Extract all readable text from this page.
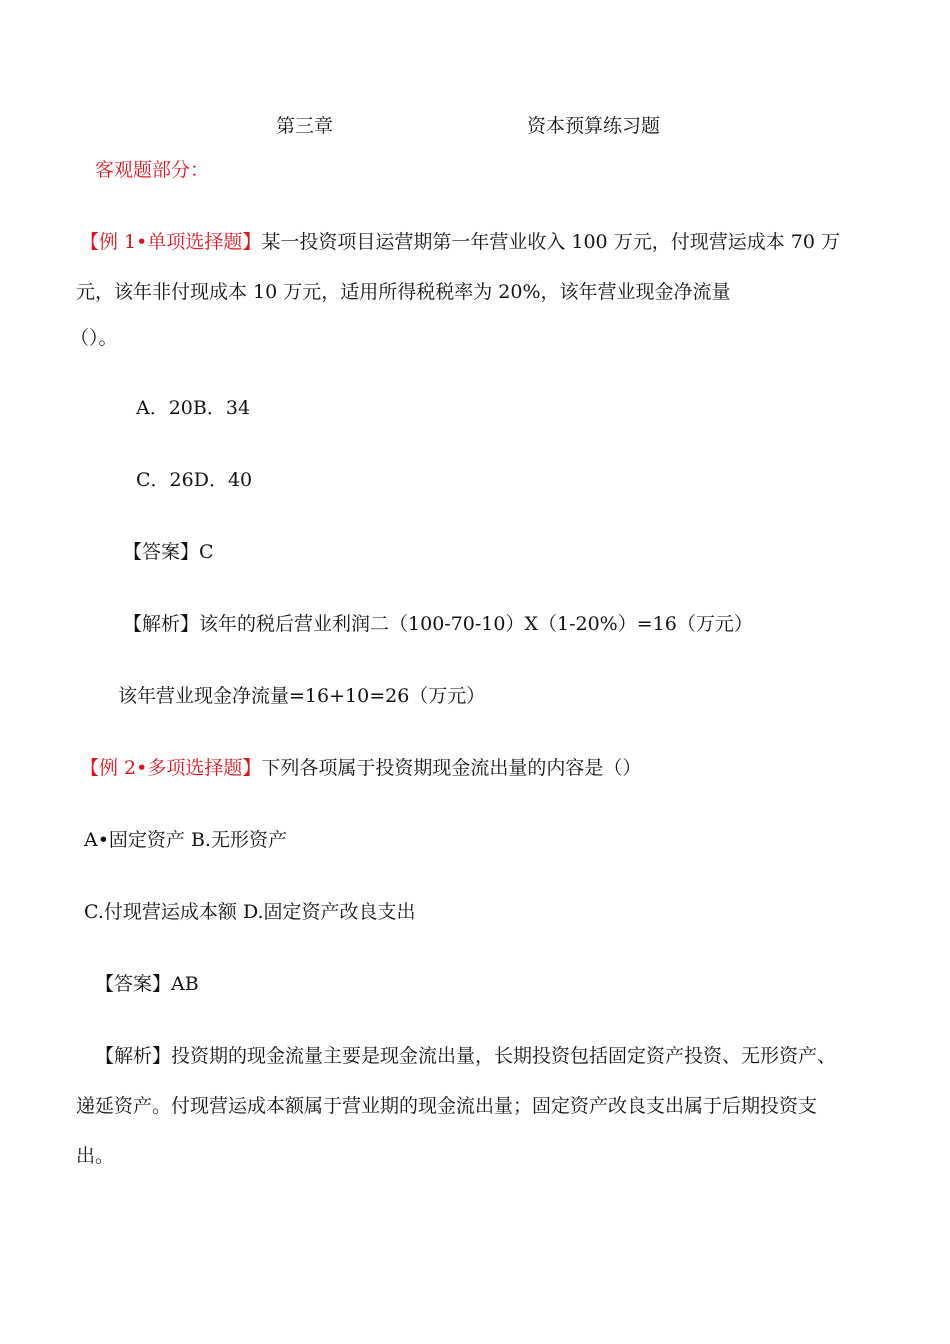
第三章	资本预算练习题
客观题部分：
【例 1•单项选择题】某一投资项目运营期第一年营业收入 100 万元，付现营运成本 70 万
元，该年非付现成本 10 万元，适用所得税税率为 20%，该年营业现金净流量
（）。
A．20B．34
C．26D．40
【答案】C
【解析】该年的税后营业利润二（100-70-10）X（1-20%）=16（万元）
该年营业现金净流量=16+10=26（万元）
【例 2•多项选择题】下列各项属于投资期现金流出量的内容是（）
A•固定资产 B.无形资产
C.付现营运成本额 D.固定资产改良支出
【答案】AB
【解析】投资期的现金流量主要是现金流出量，长期投资包括固定资产投资、无形资产、
递延资产。付现营运成本额属于营业期的现金流出量；固定资产改良支出属于后期投资支
出。
